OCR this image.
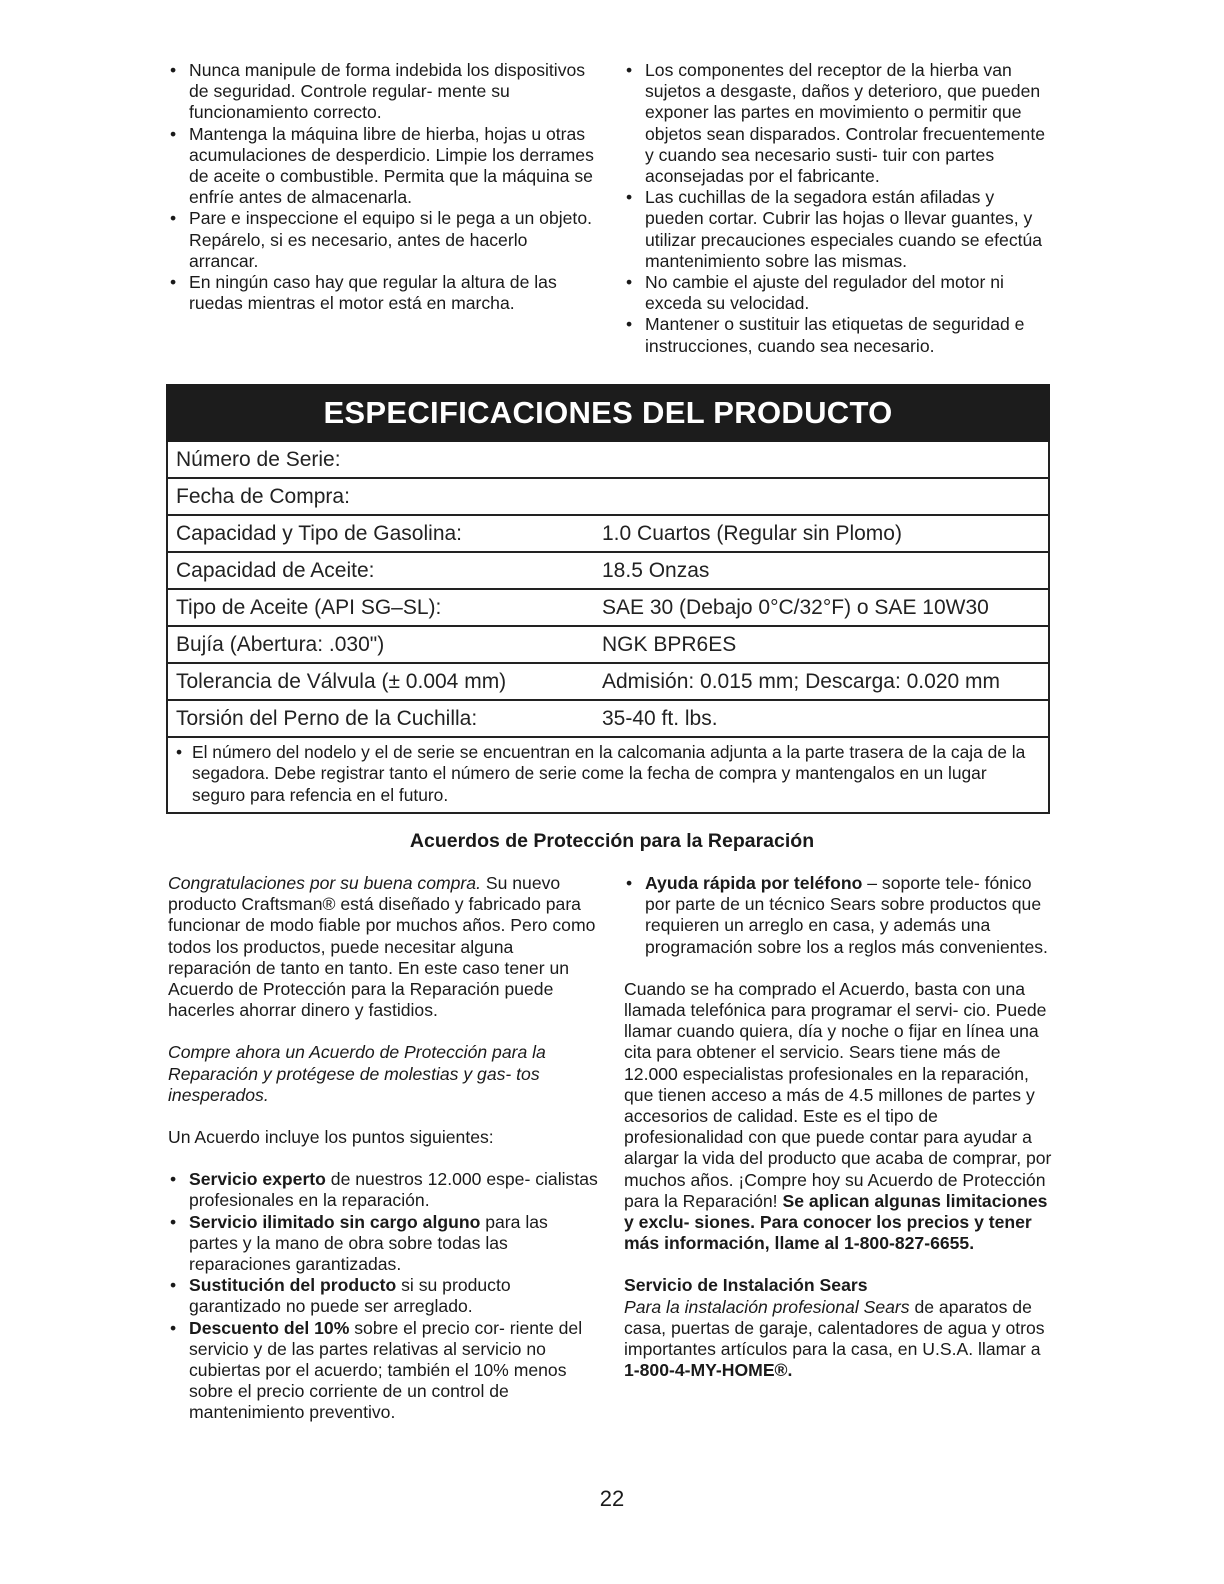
• Nunca manipule de forma indebida los dispositivos de seguridad. Controle regular- mente su funcionamiento correcto.
• Mantenga la máquina libre de hierba, hojas u otras acumulaciones de desperdicio. Limpie los derrames de aceite o combustible. Permita que la máquina se enfríe antes de almacenarla.
• Pare e inspeccione el equipo si le pega a un objeto. Repárelo, si es necesario, antes de hacerlo arrancar.
• En ningún caso hay que regular la altura de las ruedas mientras el motor está en marcha.
• Los componentes del receptor de la hierba van sujetos a desgaste, daños y deterioro, que pueden exponer las partes en movimiento o permitir que objetos sean disparados. Controlar frecuentemente y cuando sea necesario susti- tuir con partes aconsejadas por el fabricante.
• Las cuchillas de la segadora están afiladas y pueden cortar. Cubrir las hojas o llevar guantes, y utilizar precauciones especiales cuando se efectúa mantenimiento sobre las mismas.
• No cambie el ajuste del regulador del motor ni exceda su velocidad.
• Mantener o sustituir las etiquetas de seguridad e instrucciones, cuando sea necesario.
ESPECIFICACIONES DEL PRODUCTO
Número de Serie:
Fecha de Compra:
Capacidad y Tipo de Gasolina:	1.0 Cuartos (Regular sin Plomo)
Capacidad de Aceite:	18.5 Onzas
Tipo de Aceite (API SG–SL):	SAE 30 (Debajo 0°C/32°F) o SAE 10W30
Bujía (Abertura: .030")	NGK BPR6ES
Tolerancia de Válvula (± 0.004 mm)	Admisión: 0.015 mm; Descarga: 0.020 mm
Torsión del Perno de la Cuchilla:	35-40 ft. lbs.
• El número del nodelo y el de serie se encuentran en la calcomania adjunta a la parte trasera de la caja de la segadora. Debe registrar tanto el número de serie come la fecha de compra y mantengalos en un lugar seguro para refencia en el futuro.
Acuerdos de Protección para la Reparación

Congratulaciones por su buena compra. Su nuevo producto Craftsman® está diseñado y fabricado para funcionar de modo fiable por muchos años. Pero como todos los productos, puede necesitar alguna reparación de tanto en tanto. En este caso tener un Acuerdo de Protección para la Reparación puede hacerles ahorrar dinero y fastidios.

Compre ahora un Acuerdo de Protección para la Reparación y protégese de molestias y gas- tos inesperados.

Un Acuerdo incluye los puntos siguientes:

• Servicio experto de nuestros 12.000 espe- cialistas profesionales en la reparación.
• Servicio ilimitado sin cargo alguno para las partes y la mano de obra sobre todas las reparaciones garantizadas.
• Sustitución del producto si su producto garantizado no puede ser arreglado.
• Descuento del 10% sobre el precio cor- riente del servicio y de las partes relativas al servicio no cubiertas por el acuerdo; también el 10% menos sobre el precio corriente de un control de mantenimiento preventivo.
• Ayuda rápida por teléfono – soporte tele- fónico por parte de un técnico Sears sobre productos que requieren un arreglo en casa, y además una programación sobre los a reglos más convenientes.

Cuando se ha comprado el Acuerdo, basta con una llamada telefónica para programar el servi- cio. Puede llamar cuando quiera, día y noche o fijar en línea una cita para obtener el servicio. Sears tiene más de 12.000 especialistas profesionales en la reparación, que tienen acceso a más de 4.5 millones de partes y accesorios de calidad. Este es el tipo de profesionalidad con que puede contar para ayudar a alargar la vida del producto que acaba de comprar, por muchos años. ¡Compre hoy su Acuerdo de Protección para la Reparación! Se aplican algunas limitaciones y exclu- siones. Para conocer los precios y tener más información, llame al 1-800-827-6655.

Servicio de Instalación Sears

Para la instalación profesional Sears de aparatos de casa, puertas de garaje, calentadores de agua y otros importantes artículos para la casa, en U.S.A. llamar a 1-800-4-MY-HOME®.

22
